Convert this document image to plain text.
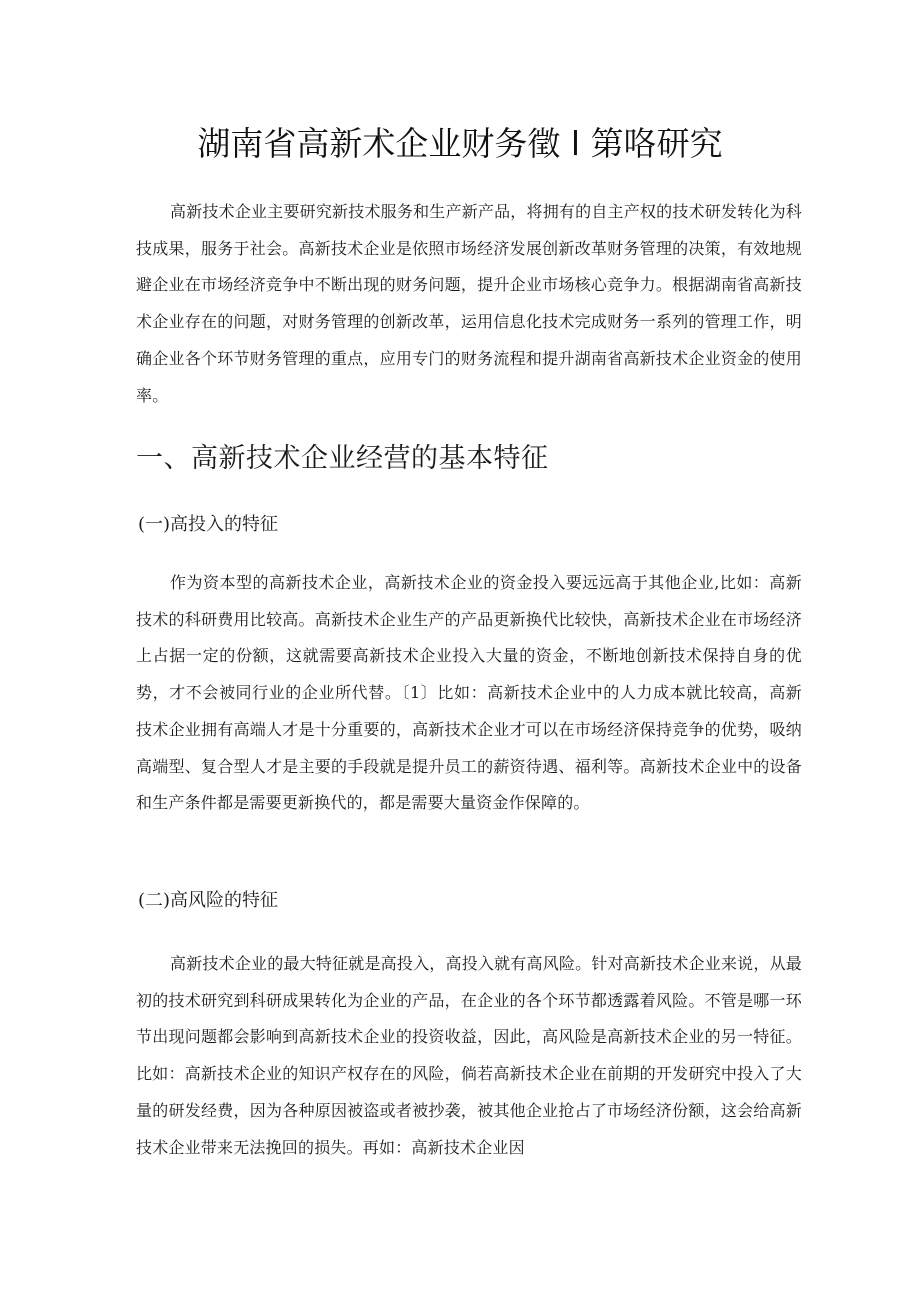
湖南省高新术企业财务徵 l 第咯研究

高新技术企业主要研究新技术服务和生产新产品，将拥有的自主产权的技术研发转化为科技成果，服务于社会。高新技术企业是依照市场经济发展创新改革财务管理的决策，有效地规避企业在市场经济竞争中不断出现的财务问题，提升企业市场核心竞争力。根据湖南省高新技术企业存在的问题，对财务管理的创新改革，运用信息化技术完成财务一系列的管理工作，明确企业各个环节财务管理的重点，应用专门的财务流程和提升湖南省高新技术企业资金的使用率。

一、高新技术企业经营的基本特征
(一)高投入的特征

作为资本型的高新技术企业，高新技术企业的资金投入要远远高于其他企业,比如：高新技术的科研费用比较高。高新技术企业生产的产品更新换代比较快，高新技术企业在市场经济上占据一定的份额，这就需要高新技术企业投入大量的资金，不断地创新技术保持自身的优势，才不会被同行业的企业所代替。〔1〕比如：高新技术企业中的人力成本就比较高，高新技术企业拥有高端人才是十分重要的，高新技术企业才可以在市场经济保持竞争的优势，吸纳高端型、复合型人才是主要的手段就是提升员工的薪资待遇、福利等。高新技术企业中的设备和生产条件都是需要更新换代的，都是需要大量资金作保障的。

(二)高风险的特征

高新技术企业的最大特征就是高投入，高投入就有高风险。针对高新技术企业来说，从最初的技术研究到科研成果转化为企业的产品，在企业的各个环节都透露着风险。不管是哪一环节出现问题都会影响到高新技术企业的投资收益，因此，高风险是高新技术企业的另一特征。比如：高新技术企业的知识产权存在的风险，倘若高新技术企业在前期的开发研究中投入了大量的研发经费，因为各种原因被盗或者被抄袭，被其他企业抢占了市场经济份额，这会给高新技术企业带来无法挽回的损失。再如：高新技术企业因
